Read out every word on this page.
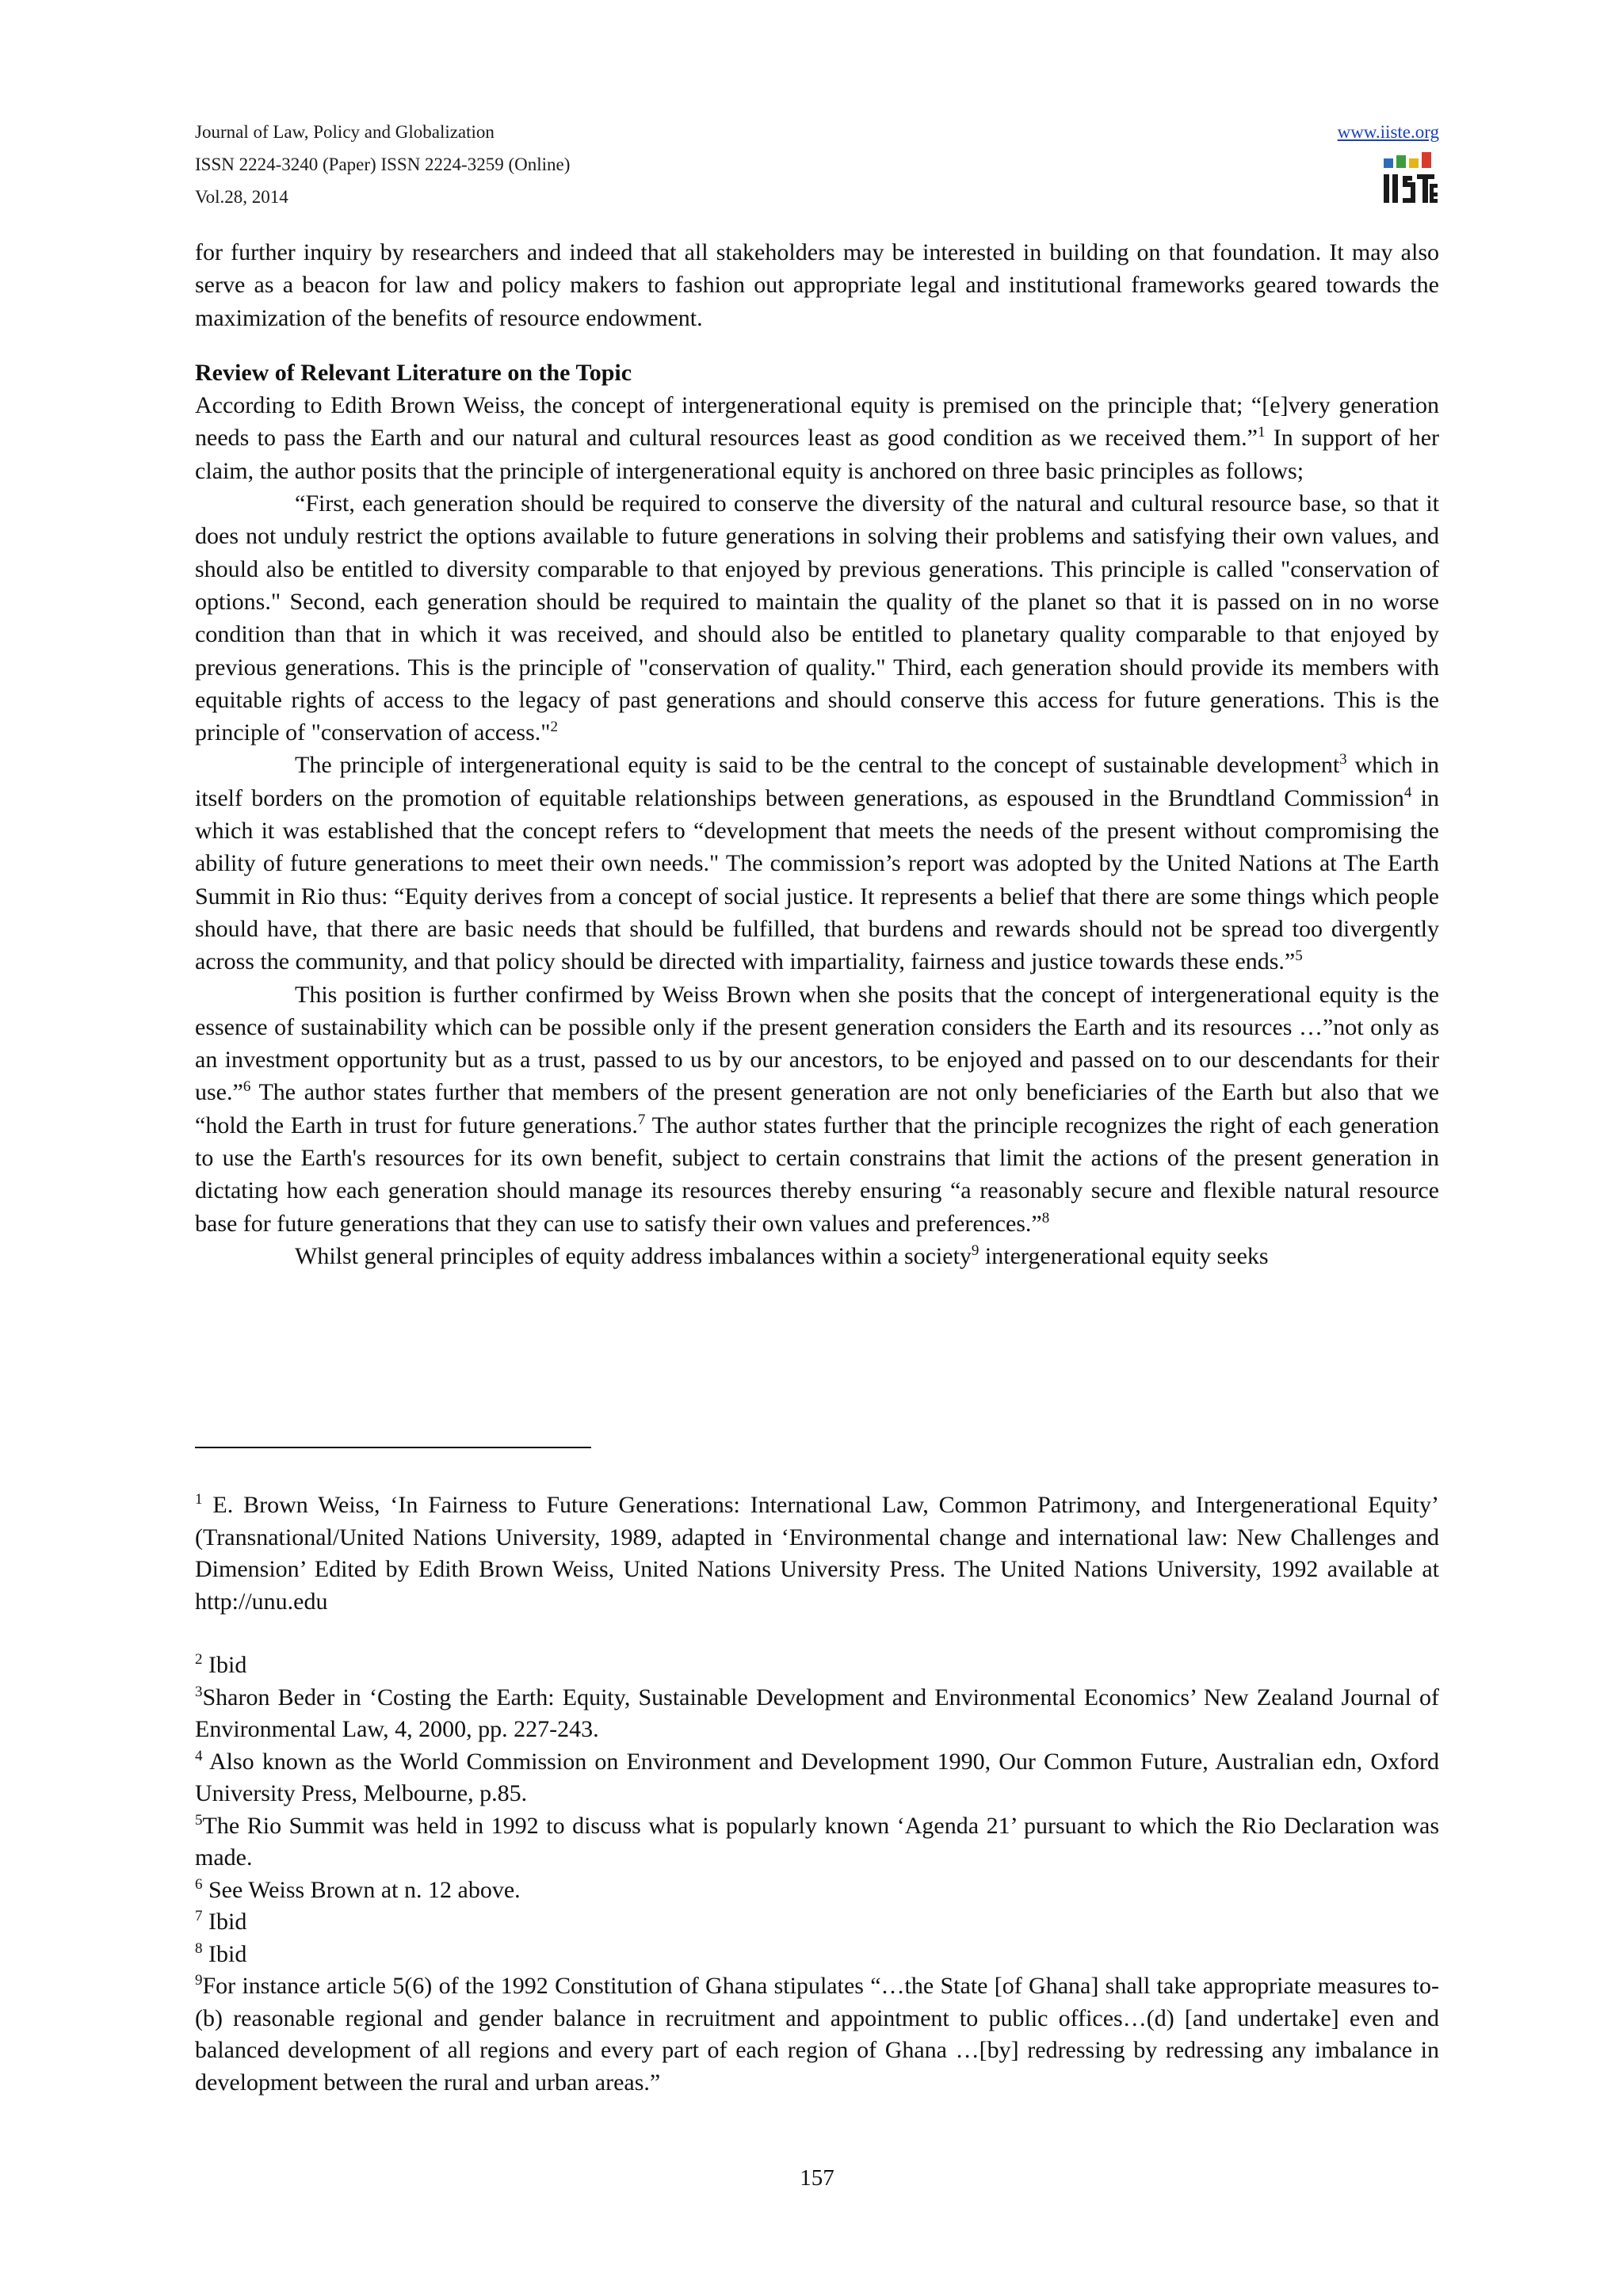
Journal of Law, Policy and Globalization
ISSN 2224-3240 (Paper) ISSN 2224-3259 (Online)
Vol.28, 2014
www.iiste.org

for further inquiry by researchers and indeed that all stakeholders may be interested in building on that foundation. It may also serve as a beacon for law and policy makers to fashion out appropriate legal and institutional frameworks geared towards the maximization of the benefits of resource endowment.

Review of Relevant Literature on the Topic

According to Edith Brown Weiss, the concept of intergenerational equity is premised on the principle that; “[e]very generation needs to pass the Earth and our natural and cultural resources least as good condition as we received them.”$^1$ In support of her claim, the author posits that the principle of intergenerational equity is anchored on three basic principles as follows;

“First, each generation should be required to conserve the diversity of the natural and cultural resource base, so that it does not unduly restrict the options available to future generations in solving their problems and satisfying their own values, and should also be entitled to diversity comparable to that enjoyed by previous generations. This principle is called "conservation of options." Second, each generation should be required to maintain the quality of the planet so that it is passed on in no worse condition than that in which it was received, and should also be entitled to planetary quality comparable to that enjoyed by previous generations. This is the principle of "conservation of quality." Third, each generation should provide its members with equitable rights of access to the legacy of past generations and should conserve this access for future generations. This is the principle of "conservation of access."$^2$

The principle of intergenerational equity is said to be the central to the concept of sustainable development$^3$ which in itself borders on the promotion of equitable relationships between generations, as espoused in the Brundtland Commission$^4$ in which it was established that the concept refers to “development that meets the needs of the present without compromising the ability of future generations to meet their own needs." The commission’s report was adopted by the United Nations at The Earth Summit in Rio thus: “Equity derives from a concept of social justice. It represents a belief that there are some things which people should have, that there are basic needs that should be fulfilled, that burdens and rewards should not be spread too divergently across the community, and that policy should be directed with impartiality, fairness and justice towards these ends.”$^5$

This position is further confirmed by Weiss Brown when she posits that the concept of intergenerational equity is the essence of sustainability which can be possible only if the present generation considers the Earth and its resources …”not only as an investment opportunity but as a trust, passed to us by our ancestors, to be enjoyed and passed on to our descendants for their use.”$^6$ The author states further that members of the present generation are not only beneficiaries of the Earth but also that we “hold the Earth in trust for future generations.$^7$ The author states further that the principle recognizes the right of each generation to use the Earth's resources for its own benefit, subject to certain constrains that limit the actions of the present generation in dictating how each generation should manage its resources thereby ensuring “a reasonably secure and flexible natural resource base for future generations that they can use to satisfy their own values and preferences.”$^8$

Whilst general principles of equity address imbalances within a society$^9$ intergenerational equity seeks

$^1$ E. Brown Weiss, ‘In Fairness to Future Generations: International Law, Common Patrimony, and Intergenerational Equity’ (Transnational/United Nations University, 1989, adapted in ‘Environmental change and international law: New Challenges and Dimension’ Edited by Edith Brown Weiss, United Nations University Press. The United Nations University, 1992 available at http://unu.edu

$^2$ Ibid

$^3$Sharon Beder in ‘Costing the Earth: Equity, Sustainable Development and Environmental Economics’ New Zealand Journal of Environmental Law, 4, 2000, pp. 227-243.

$^4$ Also known as the World Commission on Environment and Development 1990, Our Common Future, Australian edn, Oxford University Press, Melbourne, p.85.

$^5$The Rio Summit was held in 1992 to discuss what is popularly known ‘Agenda 21’ pursuant to which the Rio Declaration was made.

$^6$ See Weiss Brown at n. 12 above.

$^7$ Ibid

$^8$ Ibid

$^9$For instance article 5(6) of the 1992 Constitution of Ghana stipulates “…the State [of Ghana] shall take appropriate measures to-(b) reasonable regional and gender balance in recruitment and appointment to public offices…(d) [and undertake] even and balanced development of all regions and every part of each region of Ghana …[by] redressing by redressing any imbalance in development between the rural and urban areas.”

157
